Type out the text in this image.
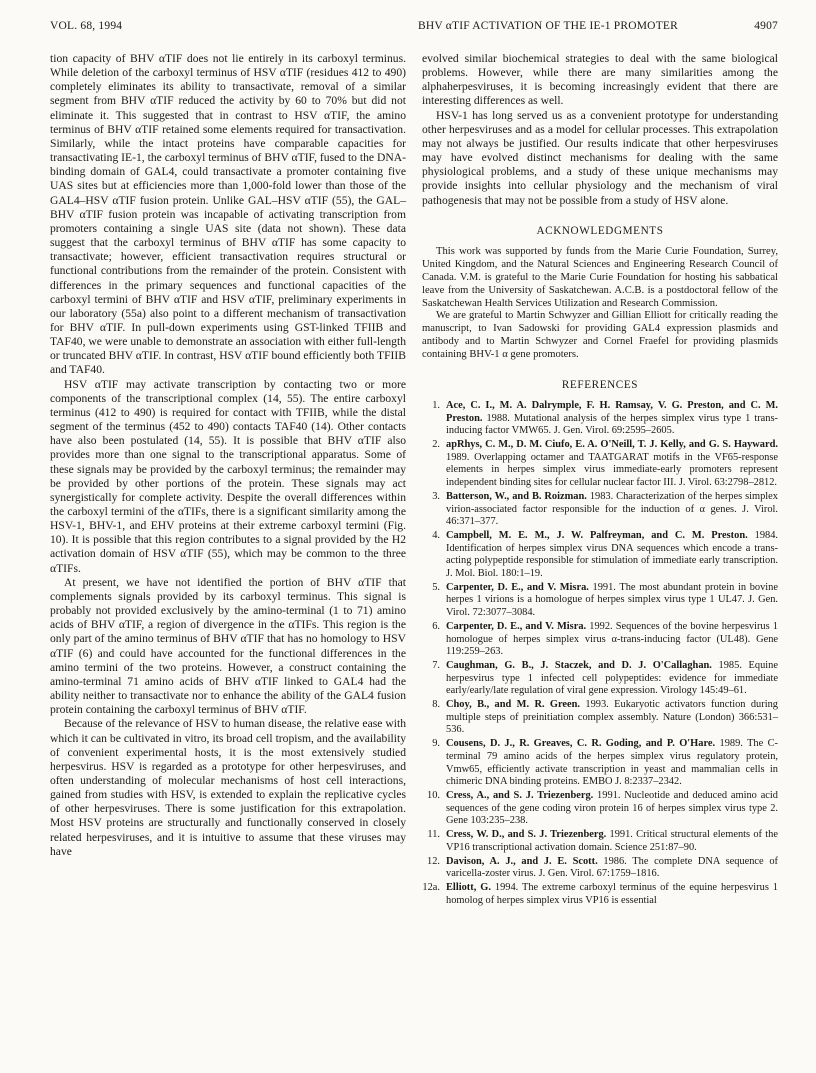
VOL. 68, 1994	BHV αTIF ACTIVATION OF THE IE-1 PROMOTER	4907

tion capacity of BHV αTIF does not lie entirely in its carboxyl terminus. While deletion of the carboxyl terminus of HSV αTIF (residues 412 to 490) completely eliminates its ability to transactivate, removal of a similar segment from BHV αTIF reduced the activity by 60 to 70% but did not eliminate it. This suggested that in contrast to HSV αTIF, the amino terminus of BHV αTIF retained some elements required for transactivation. Similarly, while the intact proteins have comparable capacities for transactivating IE-1, the carboxyl terminus of BHV αTIF, fused to the DNA-binding domain of GAL4, could transactivate a promoter containing five UAS sites but at efficiencies more than 1,000-fold lower than those of the GAL4–HSV αTIF fusion protein. Unlike GAL–HSV αTIF (55), the GAL–BHV αTIF fusion protein was incapable of activating transcription from promoters containing a single UAS site (data not shown). These data suggest that the carboxyl terminus of BHV αTIF has some capacity to transactivate; however, efficient transactivation requires structural or functional contributions from the remainder of the protein. Consistent with differences in the primary sequences and functional capacities of the carboxyl termini of BHV αTIF and HSV αTIF, preliminary experiments in our laboratory (55a) also point to a different mechanism of transactivation for BHV αTIF. In pull-down experiments using GST-linked TFIIB and TAF40, we were unable to demonstrate an association with either full-length or truncated BHV αTIF. In contrast, HSV αTIF bound efficiently both TFIIB and TAF40.

HSV αTIF may activate transcription by contacting two or more components of the transcriptional complex (14, 55). The entire carboxyl terminus (412 to 490) is required for contact with TFIIB, while the distal segment of the terminus (452 to 490) contacts TAF40 (14). Other contacts have also been postulated (14, 55). It is possible that BHV αTIF also provides more than one signal to the transcriptional apparatus. Some of these signals may be provided by the carboxyl terminus; the remainder may be provided by other portions of the protein. These signals may act synergistically for complete activity. Despite the overall differences within the carboxyl termini of the αTIFs, there is a significant similarity among the HSV-1, BHV-1, and EHV proteins at their extreme carboxyl termini (Fig. 10). It is possible that this region contributes to a signal provided by the H2 activation domain of HSV αTIF (55), which may be common to the three αTIFs.

At present, we have not identified the portion of BHV αTIF that complements signals provided by its carboxyl terminus. This signal is probably not provided exclusively by the amino-terminal (1 to 71) amino acids of BHV αTIF, a region of divergence in the αTIFs. This region is the only part of the amino terminus of BHV αTIF that has no homology to HSV αTIF (6) and could have accounted for the functional differences in the amino termini of the two proteins. However, a construct containing the amino-terminal 71 amino acids of BHV αTIF linked to GAL4 had the ability neither to transactivate nor to enhance the ability of the GAL4 fusion protein containing the carboxyl terminus of BHV αTIF.

Because of the relevance of HSV to human disease, the relative ease with which it can be cultivated in vitro, its broad cell tropism, and the availability of convenient experimental hosts, it is the most extensively studied herpesvirus. HSV is regarded as a prototype for other herpesviruses, and often understanding of molecular mechanisms of host cell interactions, gained from studies with HSV, is extended to explain the replicative cycles of other herpesviruses. There is some justification for this extrapolation. Most HSV proteins are structurally and functionally conserved in closely related herpesviruses, and it is intuitive to assume that these viruses may have

evolved similar biochemical strategies to deal with the same biological problems. However, while there are many similarities among the alphaherpesviruses, it is becoming increasingly evident that there are interesting differences as well.

HSV-1 has long served us as a convenient prototype for understanding other herpesviruses and as a model for cellular processes. This extrapolation may not always be justified. Our results indicate that other herpesviruses may have evolved distinct mechanisms for dealing with the same physiological problems, and a study of these unique mechanisms may provide insights into cellular physiology and the mechanism of viral pathogenesis that may not be possible from a study of HSV alone.

ACKNOWLEDGMENTS

This work was supported by funds from the Marie Curie Foundation, Surrey, United Kingdom, and the Natural Sciences and Engineering Research Council of Canada. V.M. is grateful to the Marie Curie Foundation for hosting his sabbatical leave from the University of Saskatchewan. A.C.B. is a postdoctoral fellow of the Saskatchewan Health Services Utilization and Research Commission.

We are grateful to Martin Schwyzer and Gillian Elliott for critically reading the manuscript, to Ivan Sadowski for providing GAL4 expression plasmids and antibody and to Martin Schwyzer and Cornel Fraefel for providing plasmids containing BHV-1 α gene promoters.

REFERENCES
1. Ace, C. I., M. A. Dalrymple, F. H. Ramsay, V. G. Preston, and C. M. Preston. 1988. Mutational analysis of the herpes simplex virus type 1 trans-inducing factor VMW65. J. Gen. Virol. 69:2595–2605.
2. apRhys, C. M., D. M. Ciufo, E. A. O'Neill, T. J. Kelly, and G. S. Hayward. 1989. Overlapping octamer and TAATGARAT motifs in the VF65-response elements in herpes simplex virus immediate-early promoters represent independent binding sites for cellular nuclear factor III. J. Virol. 63:2798–2812.
3. Batterson, W., and B. Roizman. 1983. Characterization of the herpes simplex virion-associated factor responsible for the induction of α genes. J. Virol. 46:371–377.
4. Campbell, M. E. M., J. W. Palfreyman, and C. M. Preston. 1984. Identification of herpes simplex virus DNA sequences which encode a trans-acting polypeptide responsible for stimulation of immediate early transcription. J. Mol. Biol. 180:1–19.
5. Carpenter, D. E., and V. Misra. 1991. The most abundant protein in bovine herpes 1 virions is a homologue of herpes simplex virus type 1 UL47. J. Gen. Virol. 72:3077–3084.
6. Carpenter, D. E., and V. Misra. 1992. Sequences of the bovine herpesvirus 1 homologue of herpes simplex virus α-trans-inducing factor (UL48). Gene 119:259–263.
7. Caughman, G. B., J. Staczek, and D. J. O'Callaghan. 1985. Equine herpesvirus type 1 infected cell polypeptides: evidence for immediate early/early/late regulation of viral gene expression. Virology 145:49–61.
8. Choy, B., and M. R. Green. 1993. Eukaryotic activators function during multiple steps of preinitiation complex assembly. Nature (London) 366:531–536.
9. Cousens, D. J., R. Greaves, C. R. Goding, and P. O'Hare. 1989. The C-terminal 79 amino acids of the herpes simplex virus regulatory protein, Vmw65, efficiently activate transcription in yeast and mammalian cells in chimeric DNA binding proteins. EMBO J. 8:2337–2342.
10. Cress, A., and S. J. Triezenberg. 1991. Nucleotide and deduced amino acid sequences of the gene coding viron protein 16 of herpes simplex virus type 2. Gene 103:235–238.
11. Cress, W. D., and S. J. Triezenberg. 1991. Critical structural elements of the VP16 transcriptional activation domain. Science 251:87–90.
12. Davison, A. J., and J. E. Scott. 1986. The complete DNA sequence of varicella-zoster virus. J. Gen. Virol. 67:1759–1816.
12a. Elliott, G. 1994. The extreme carboxyl terminus of the equine herpesvirus 1 homolog of herpes simplex virus VP16 is essential
